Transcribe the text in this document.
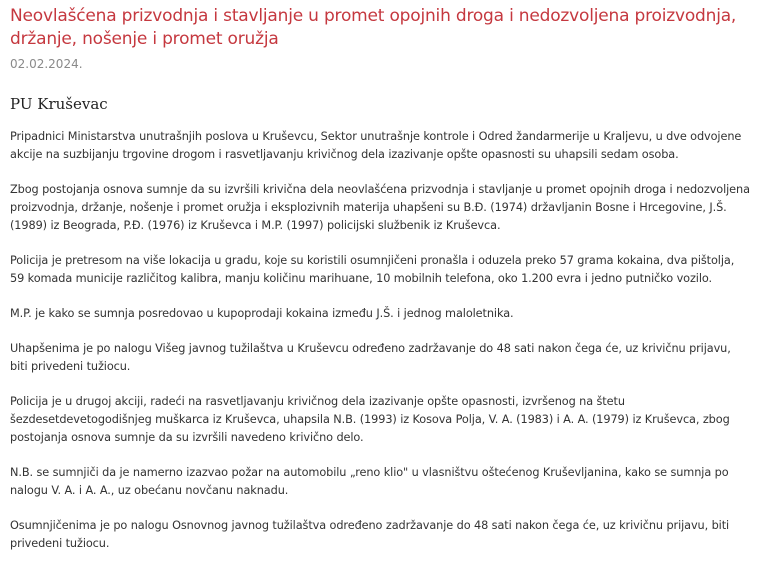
Neovlašćena prizvodnja i stavljanje u promet opojnih droga i nedozvoljena proizvodnja, držanje, nošenje i promet oružja
02.02.2024.
PU Kruševac

Pripadnici Ministarstva unutrašnjih poslova u Kruševcu, Sektor unutrašnje kontrole i Odred žandarmerije u Kraljevu, u dve odvojene akcije na suzbijanju trgovine drogom i rasvetljavanju krivičnog dela izazivanje opšte opasnosti su uhapsili sedam osoba.

Zbog postojanja osnova sumnje da su izvršili krivična dela neovlašćena prizvodnja i stavljanje u promet opojnih droga i nedozvoljena proizvodnja, držanje, nošenje i promet oružja i eksplozivnih materija uhapšeni su B.Đ. (1974) državljanin Bosne i Hrcegovine, J.Š. (1989) iz Beograda, P.Đ. (1976) iz Kruševca i M.P. (1997) policijski službenik iz Kruševca.

Policija je pretresom na više lokacija u gradu, koje su koristili osumnjičeni pronašla i oduzela preko 57 grama kokaina, dva pištolja, 59 komada municije različitog kalibra, manju količinu marihuane, 10 mobilnih telefona, oko 1.200 evra i jedno putničko vozilo.

M.P. je kako se sumnja posredovao u kupoprodaji kokaina između J.Š. i jednog maloletnika.

Uhapšenima je po nalogu Višeg javnog tužilaštva u Kruševcu određeno zadržavanje do 48 sati nakon čega će, uz krivičnu prijavu, biti privedeni tužiocu.

Policija je u drugoj akciji, radeći na rasvetljavanju krivičnog dela izazivanje opšte opasnosti, izvršenog na štetu šezdesetdevetogodišnjeg muškarca iz Kruševca, uhapsila N.B. (1993) iz Kosova Polja, V. A. (1983) i A. A. (1979) iz Kruševca, zbog postojanja osnova sumnje da su izvršili navedeno krivično delo.

N.B. se sumnjiči da je namerno izazvao požar na automobilu „reno klio" u vlasništvu oštećenog Kruševljanina, kako se sumnja po nalogu V. A. i A. A., uz obećanu novčanu naknadu.

Osumnjičenima je po nalogu Osnovnog javnog tužilaštva određeno zadržavanje do 48 sati nakon čega će, uz krivičnu prijavu, biti privedeni tužiocu.
